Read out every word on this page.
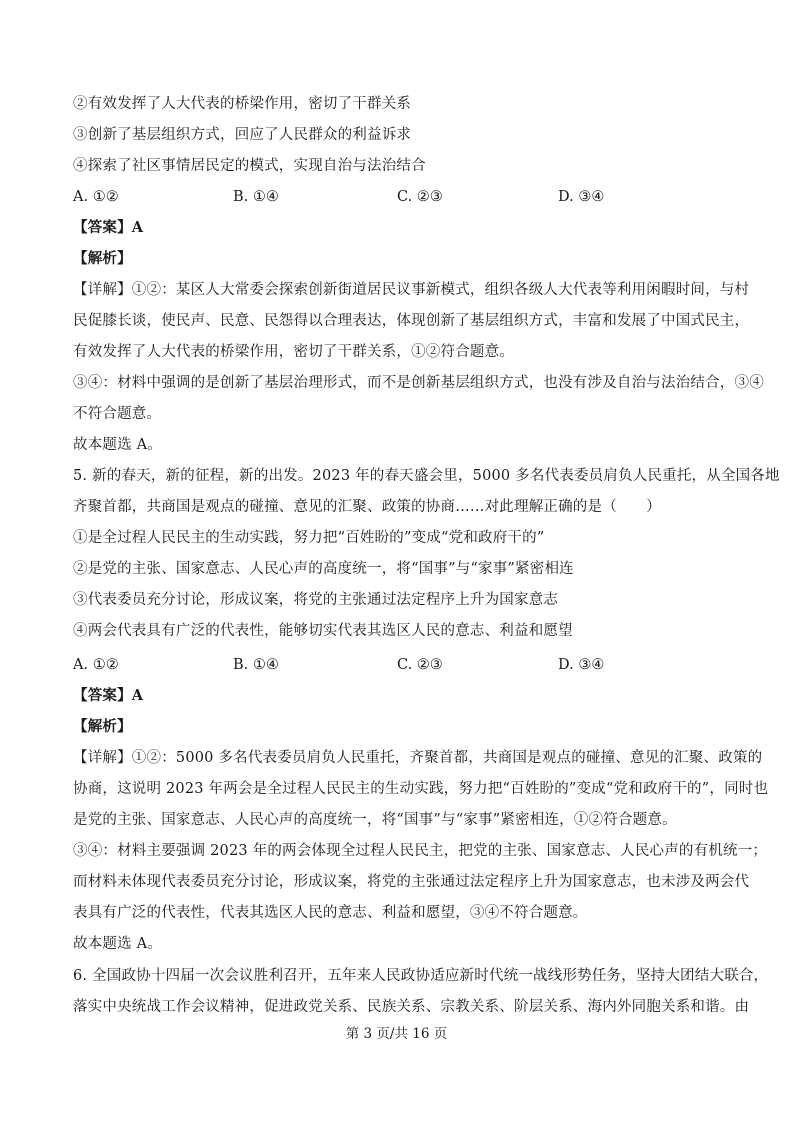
②有效发挥了人大代表的桥梁作用，密切了干群关系
③创新了基层组织方式，回应了人民群众的利益诉求
④探索了社区事情居民定的模式，实现自治与法治结合
A. ①②	B. ①④	C. ②③	D. ③④
【答案】A
【解析】
【详解】①②：某区人大常委会探索创新街道居民议事新模式，组织各级人大代表等利用闲暇时间，与村
民促膝长谈，使民声、民意、民怨得以合理表达，体现创新了基层组织方式，丰富和发展了中国式民主，
有效发挥了人大代表的桥梁作用，密切了干群关系，①②符合题意。
③④：材料中强调的是创新了基层治理形式，而不是创新基层组织方式，也没有涉及自治与法治结合，③④
不符合题意。
故本题选 A。
5. 新的春天，新的征程，新的出发。2023 年的春天盛会里，5000 多名代表委员肩负人民重托，从全国各地
齐聚首都，共商国是观点的碰撞、意见的汇聚、政策的协商……对此理解正确的是（　　）
①是全过程人民民主的生动实践，努力把“百姓盼的”变成“党和政府干的”
②是党的主张、国家意志、人民心声的高度统一，将“国事”与“家事”紧密相连
③代表委员充分讨论，形成议案，将党的主张通过法定程序上升为国家意志
④两会代表具有广泛的代表性，能够切实代表其选区人民的意志、利益和愿望
A. ①②	B. ①④	C. ②③	D. ③④
【答案】A
【解析】
【详解】①②：5000 多名代表委员肩负人民重托，齐聚首都，共商国是观点的碰撞、意见的汇聚、政策的
协商，这说明 2023 年两会是全过程人民民主的生动实践，努力把“百姓盼的”变成“党和政府干的”，同时也
是党的主张、国家意志、人民心声的高度统一，将“国事”与“家事”紧密相连，①②符合题意。
③④：材料主要强调 2023 年的两会体现全过程人民民主，把党的主张、国家意志、人民心声的有机统一；
而材料未体现代表委员充分讨论，形成议案，将党的主张通过法定程序上升为国家意志，也未涉及两会代
表具有广泛的代表性，代表其选区人民的意志、利益和愿望，③④不符合题意。
故本题选 A。
6. 全国政协十四届一次会议胜利召开，五年来人民政协适应新时代统一战线形势任务，坚持大团结大联合，
落实中央统战工作会议精神，促进政党关系、民族关系、宗教关系、阶层关系、海内外同胞关系和谐。由
第 3 页/共 16 页
